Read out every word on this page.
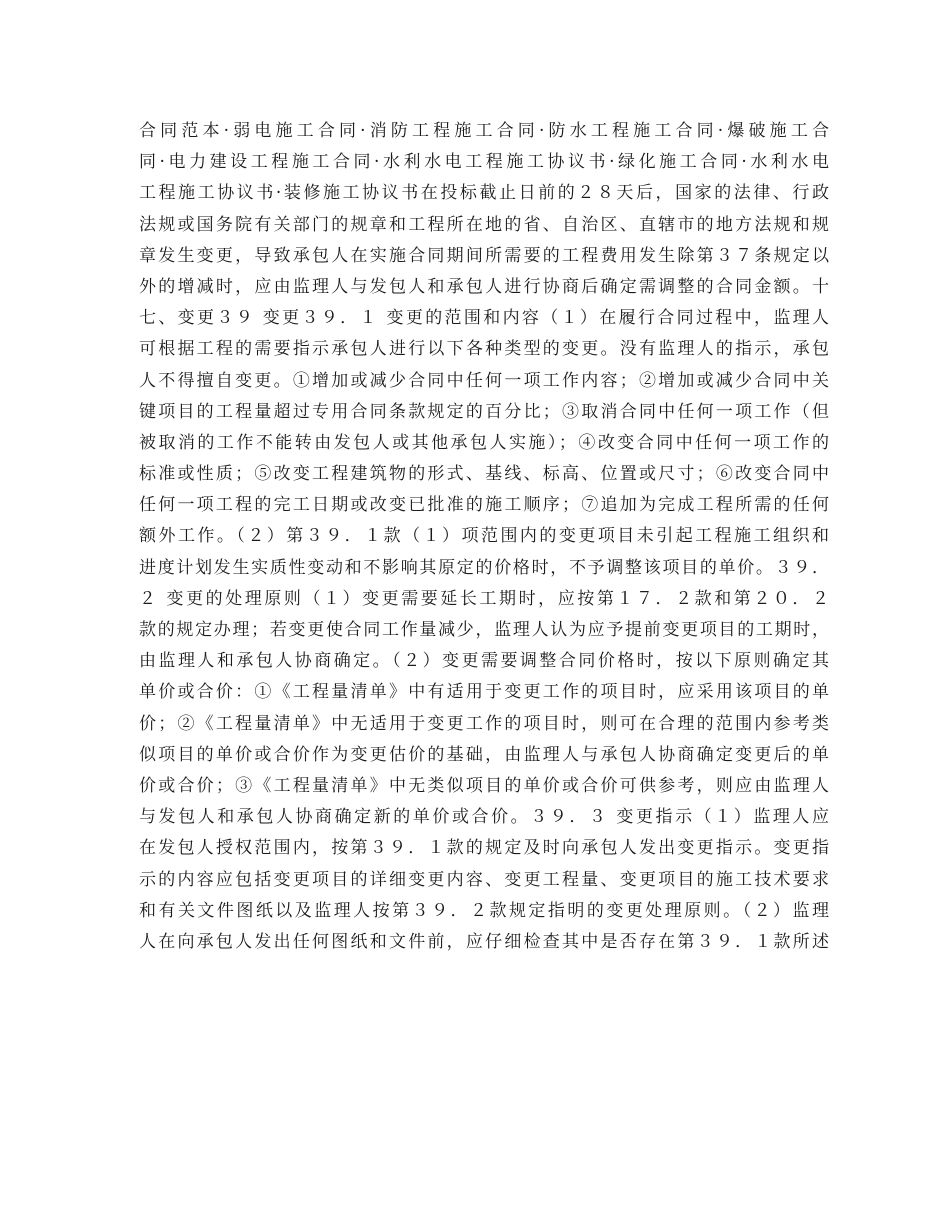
合同范本·弱电施工合同·消防工程施工合同·防水工程施工合同·爆破施工合
同·电力建设工程施工合同·水利水电工程施工协议书·绿化施工合同·水利水电
工程施工协议书·装修施工协议书在投标截止日前的２８天后，国家的法律、行政
法规或国务院有关部门的规章和工程所在地的省、自治区、直辖市的地方法规和规
章发生变更，导致承包人在实施合同期间所需要的工程费用发生除第３７条规定以
外的增减时，应由监理人与发包人和承包人进行协商后确定需调整的合同金额。十
七、变更３９ 变更３９．１ 变更的范围和内容（１）在履行合同过程中，监理人
可根据工程的需要指示承包人进行以下各种类型的变更。没有监理人的指示，承包
人不得擅自变更。①增加或减少合同中任何一项工作内容；②增加或减少合同中关
键项目的工程量超过专用合同条款规定的百分比；③取消合同中任何一项工作（但
被取消的工作不能转由发包人或其他承包人实施）；④改变合同中任何一项工作的
标准或性质；⑤改变工程建筑物的形式、基线、标高、位置或尺寸；⑥改变合同中
任何一项工程的完工日期或改变已批准的施工顺序；⑦追加为完成工程所需的任何
额外工作。（２）第３９．１款（１）项范围内的变更项目未引起工程施工组织和
进度计划发生实质性变动和不影响其原定的价格时，不予调整该项目的单价。３９．
２ 变更的处理原则（１）变更需要延长工期时，应按第１７．２款和第２０．２
款的规定办理；若变更使合同工作量减少，监理人认为应予提前变更项目的工期时，
由监理人和承包人协商确定。（２）变更需要调整合同价格时，按以下原则确定其
单价或合价：①《工程量清单》中有适用于变更工作的项目时，应采用该项目的单
价；②《工程量清单》中无适用于变更工作的项目时，则可在合理的范围内参考类
似项目的单价或合价作为变更估价的基础，由监理人与承包人协商确定变更后的单
价或合价；③《工程量清单》中无类似项目的单价或合价可供参考，则应由监理人
与发包人和承包人协商确定新的单价或合价。３９．３ 变更指示（１）监理人应
在发包人授权范围内，按第３９．１款的规定及时向承包人发出变更指示。变更指
示的内容应包括变更项目的详细变更内容、变更工程量、变更项目的施工技术要求
和有关文件图纸以及监理人按第３９．２款规定指明的变更处理原则。（２）监理
人在向承包人发出任何图纸和文件前，应仔细检查其中是否存在第３９．１款所述
